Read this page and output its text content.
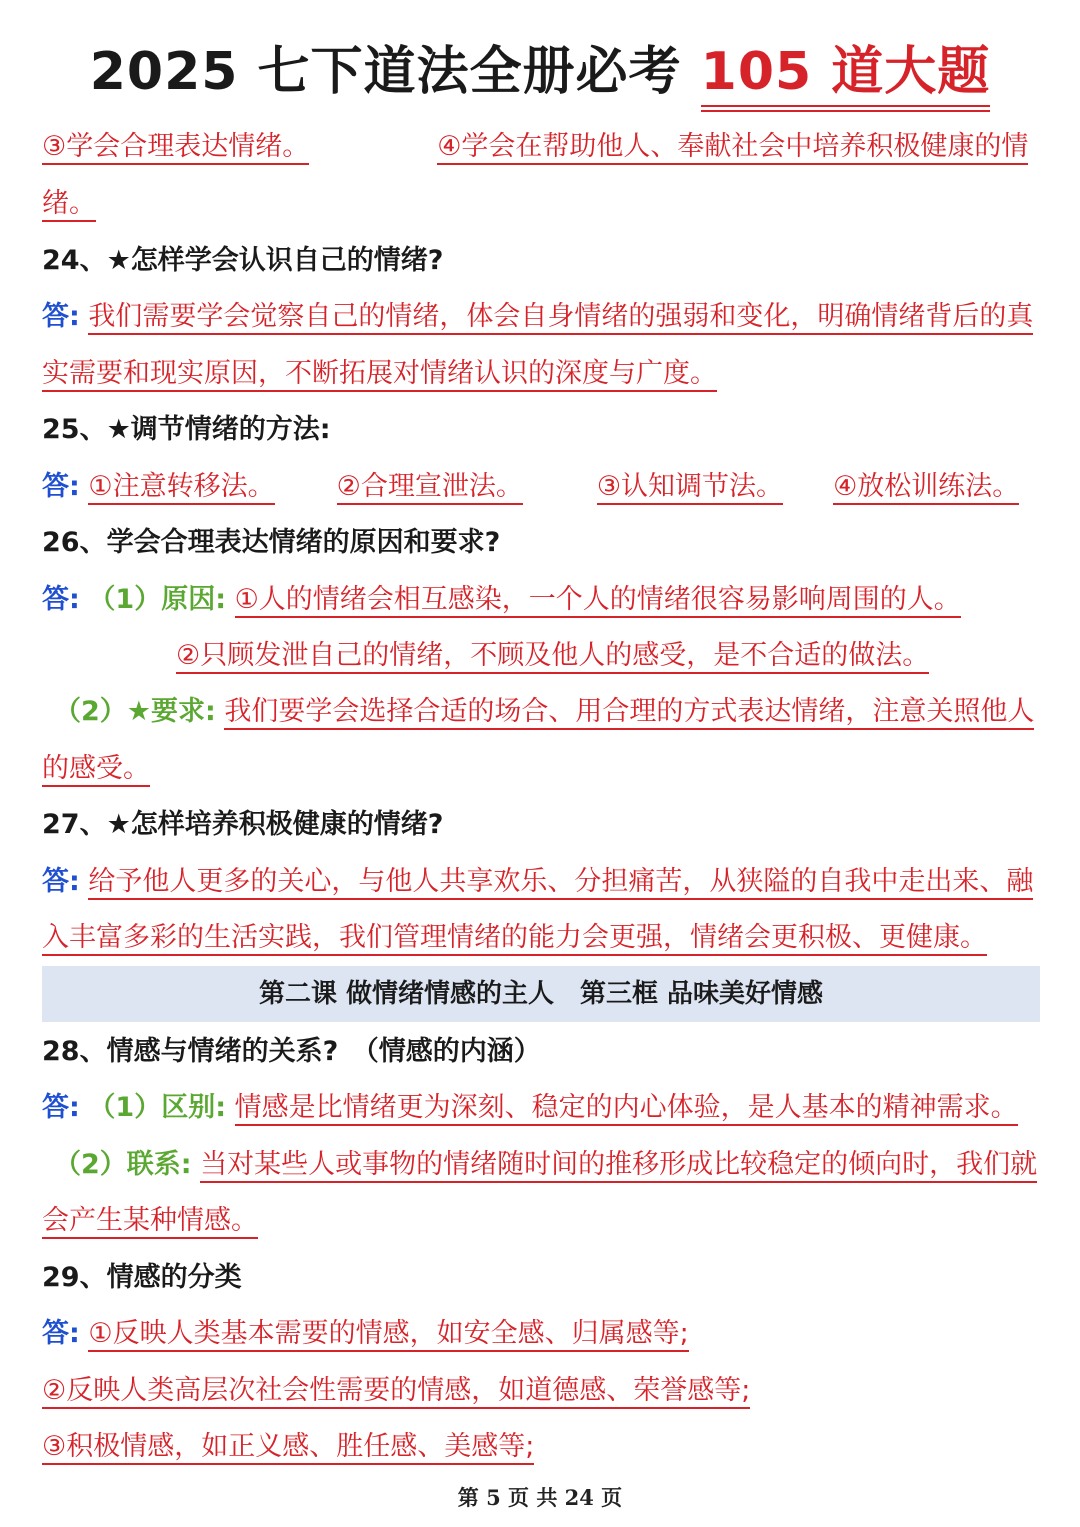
2025 七下道法全册必考 105 道大题
③学会合理表达情绪。	④学会在帮助他人、奉献社会中培养积极健康的情
绪。
24、★怎样学会认识自己的情绪?
答: 我们需要学会觉察自己的情绪，体会自身情绪的强弱和变化，明确情绪背后的真
实需要和现实原因，不断拓展对情绪认识的深度与广度。
25、★调节情绪的方法:
答: ①注意转移法。 ②合理宣泄法。	③认知调节法。 ④放松训练法。
26、学会合理表达情绪的原因和要求?
答: （1）原因: ①人的情绪会相互感染，一个人的情绪很容易影响周围的人。
②只顾发泄自己的情绪，不顾及他人的感受，是不合适的做法。
（2）★要求: 我们要学会选择合适的场合、用合理的方式表达情绪，注意关照他人
的感受。
27、★怎样培养积极健康的情绪?
答: 给予他人更多的关心，与他人共享欢乐、分担痛苦，从狭隘的自我中走出来、融
入丰富多彩的生活实践，我们管理情绪的能力会更强，情绪会更积极、更健康。
第二课 做情绪情感的主人　第三框 品味美好情感
28、情感与情绪的关系?　（情感的内涵）
答: （1）区别: 情感是比情绪更为深刻、稳定的内心体验，是人基本的精神需求。
（2）联系: 当对某些人或事物的情绪随时间的推移形成比较稳定的倾向时，我们就
会产生某种情感。
29、情感的分类
答: ①反映人类基本需要的情感，如安全感、归属感等;
②反映人类高层次社会性需要的情感，如道德感、荣誉感等;
③积极情感，如正义感、胜任感、美感等;
第 5 页 共 24 页
